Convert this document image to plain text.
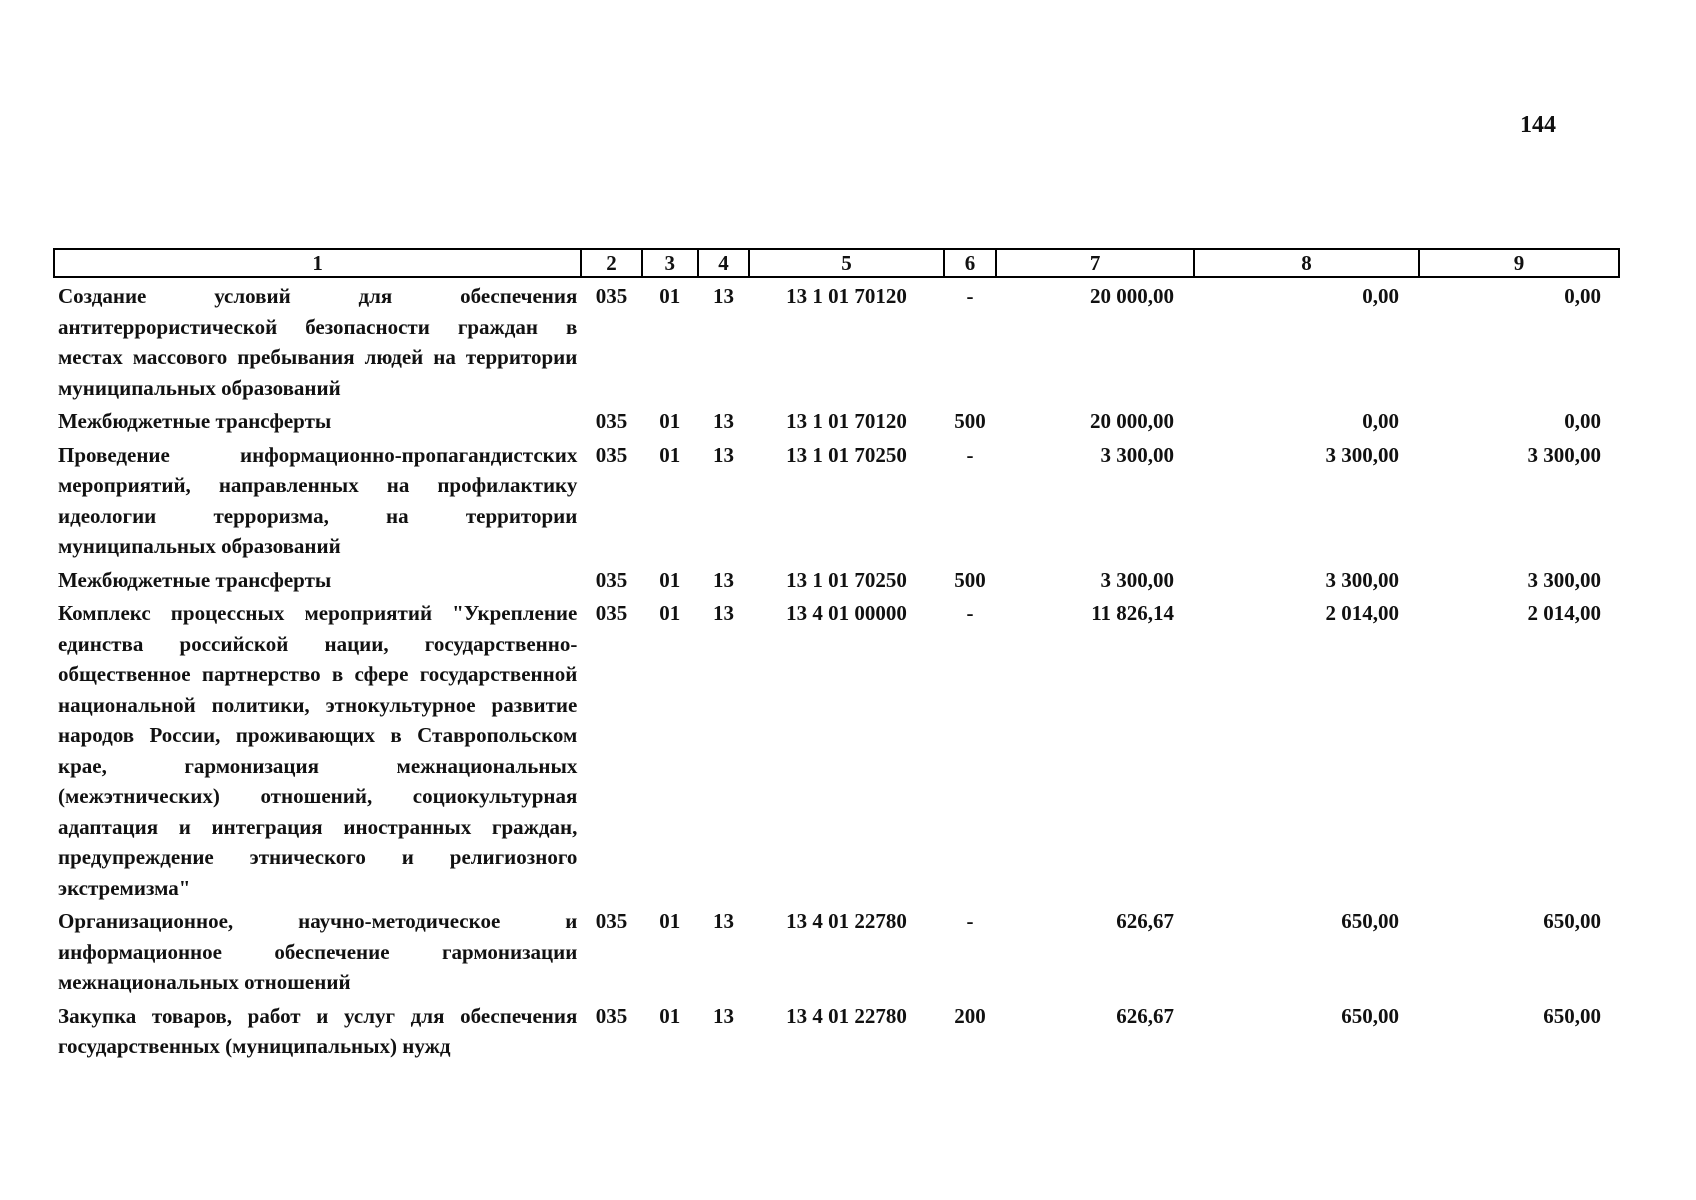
144
1	2	3	4	5	6	7	8	9
Создание условий для обеспечения антитеррористической безопасности граждан в местах массового пребывания людей на территории муниципальных образований	035	01	13	13 1 01 70120	-	20 000,00	0,00	0,00
Межбюджетные трансферты	035	01	13	13 1 01 70120	500	20 000,00	0,00	0,00
Проведение информационно-пропагандистских мероприятий, направленных на профилактику идеологии терроризма, на территории муниципальных образований	035	01	13	13 1 01 70250	-	3 300,00	3 300,00	3 300,00
Межбюджетные трансферты	035	01	13	13 1 01 70250	500	3 300,00	3 300,00	3 300,00
Комплекс процессных мероприятий "Укрепление единства российской нации, государственно-общественное партнерство в сфере государственной национальной политики, этнокультурное развитие народов России, проживающих в Ставропольском крае, гармонизация межнациональных (межэтнических) отношений, социокультурная адаптация и интеграция иностранных граждан, предупреждение этнического и религиозного экстремизма"	035	01	13	13 4 01 00000	-	11 826,14	2 014,00	2 014,00
Организационное, научно-методическое и информационное обеспечение гармонизации межнациональных отношений	035	01	13	13 4 01 22780	-	626,67	650,00	650,00
Закупка товаров, работ и услуг для обеспечения государственных (муниципальных) нужд	035	01	13	13 4 01 22780	200	626,67	650,00	650,00
